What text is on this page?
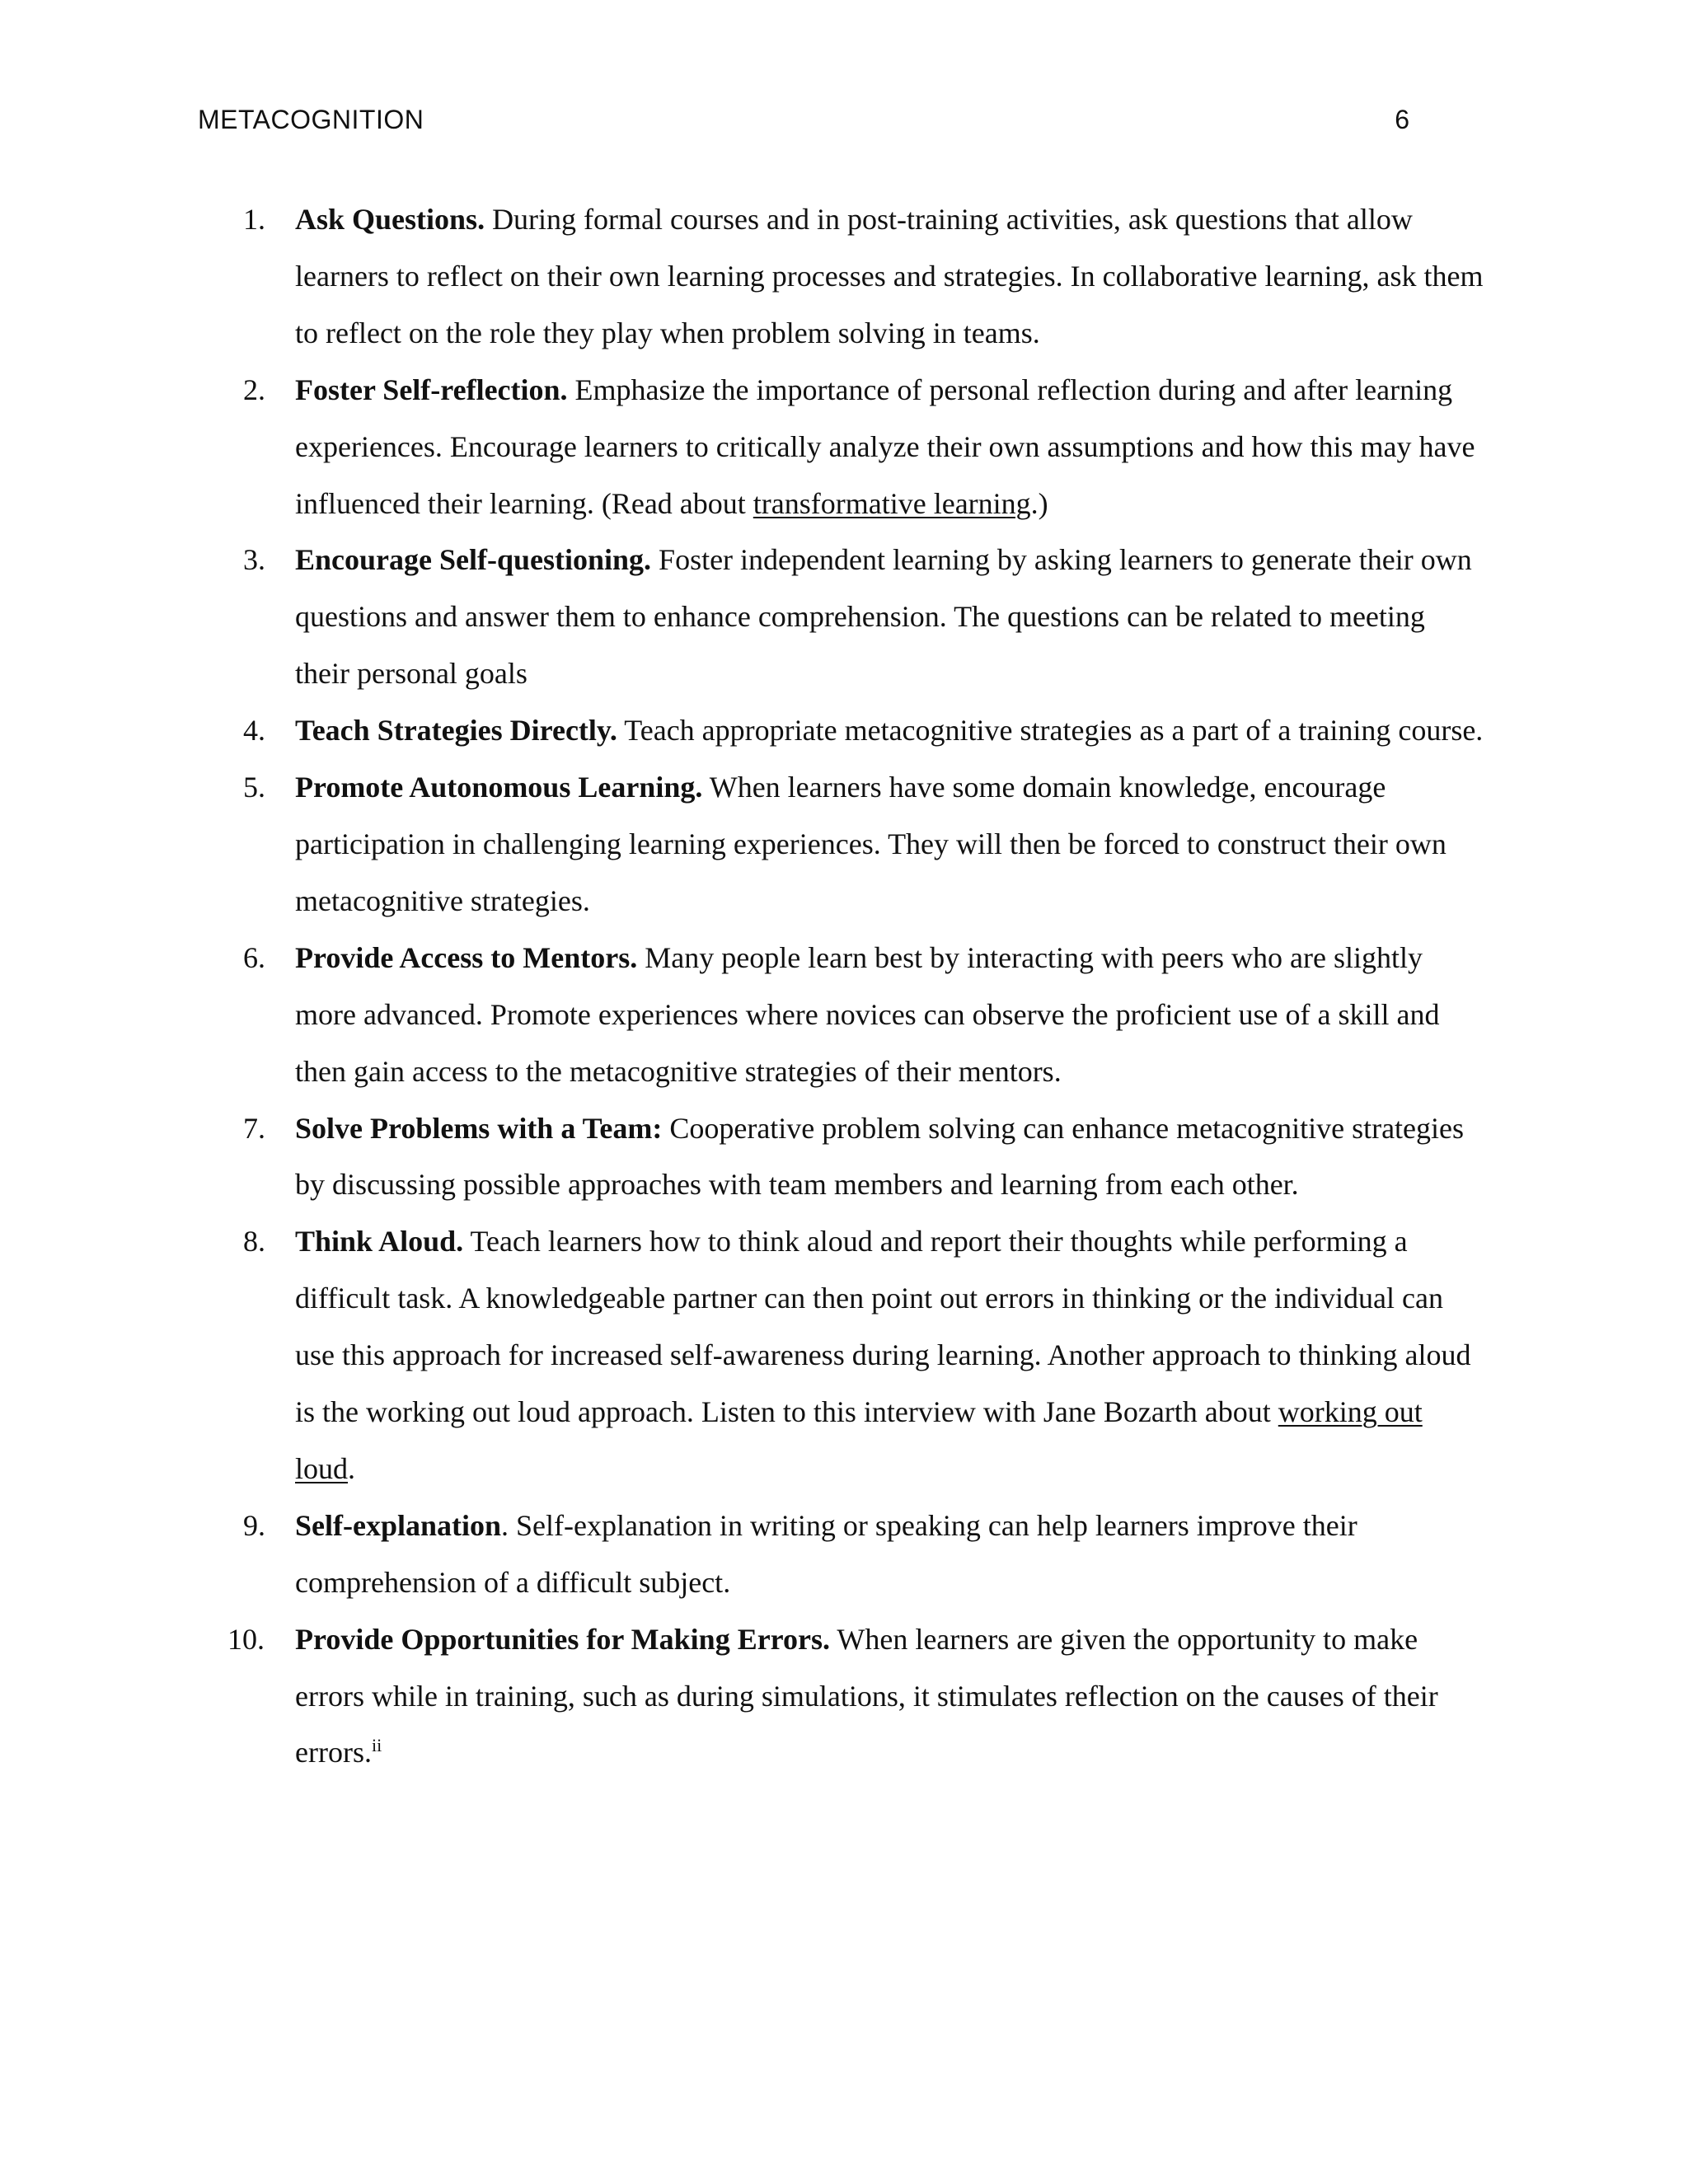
METACOGNITION	6
1.	Ask Questions. During formal courses and in post-training activities, ask questions that allow learners to reflect on their own learning processes and strategies. In collaborative learning, ask them to reflect on the role they play when problem solving in teams.
2.	Foster Self-reflection. Emphasize the importance of personal reflection during and after learning experiences. Encourage learners to critically analyze their own assumptions and how this may have influenced their learning. (Read about transformative learning.)
3.	Encourage Self-questioning. Foster independent learning by asking learners to generate their own questions and answer them to enhance comprehension. The questions can be related to meeting their personal goals
4.	Teach Strategies Directly. Teach appropriate metacognitive strategies as a part of a training course.
5.	Promote Autonomous Learning. When learners have some domain knowledge, encourage participation in challenging learning experiences. They will then be forced to construct their own metacognitive strategies.
6.	Provide Access to Mentors. Many people learn best by interacting with peers who are slightly more advanced. Promote experiences where novices can observe the proficient use of a skill and then gain access to the metacognitive strategies of their mentors.
7.	Solve Problems with a Team: Cooperative problem solving can enhance metacognitive strategies by discussing possible approaches with team members and learning from each other.
8.	Think Aloud. Teach learners how to think aloud and report their thoughts while performing a difficult task. A knowledgeable partner can then point out errors in thinking or the individual can use this approach for increased self-awareness during learning. Another approach to thinking aloud is the working out loud approach. Listen to this interview with Jane Bozarth about working out loud.
9.	Self-explanation. Self-explanation in writing or speaking can help learners improve their comprehension of a difficult subject.
10.	Provide Opportunities for Making Errors. When learners are given the opportunity to make errors while in training, such as during simulations, it stimulates reflection on the causes of their errors.$^{ii}$
